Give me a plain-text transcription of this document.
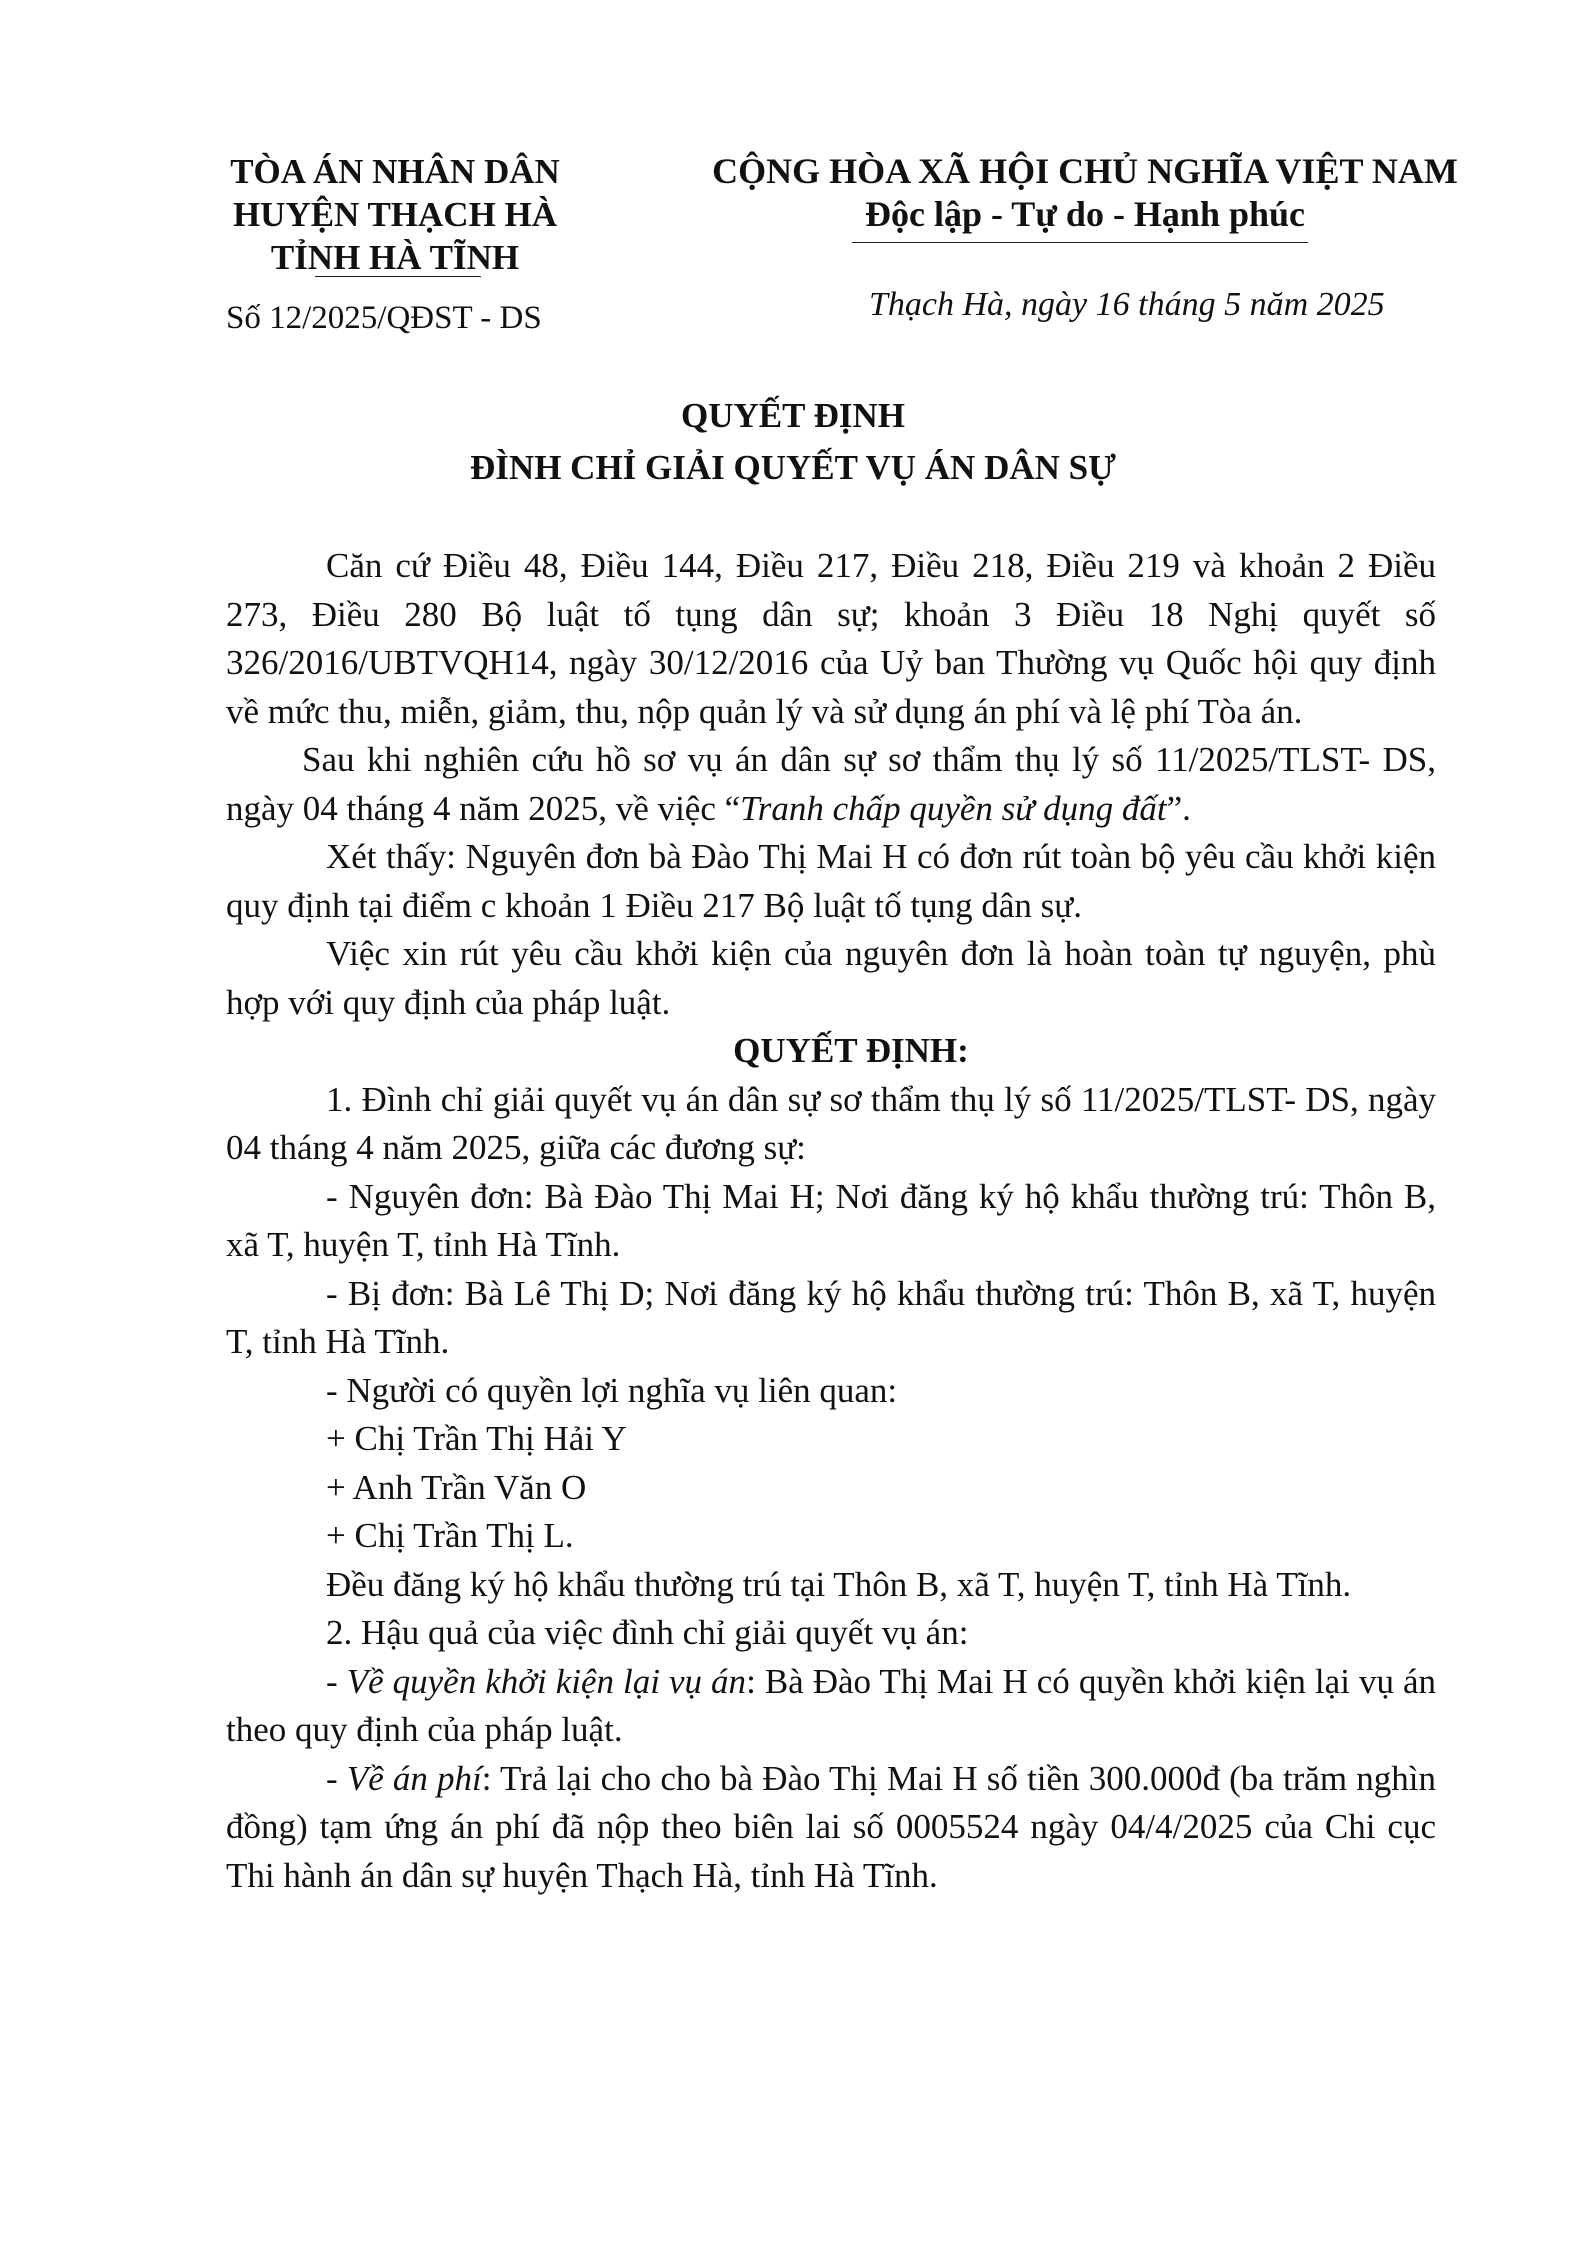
TÒA ÁN NHÂN DÂN
HUYỆN THẠCH HÀ
TỈNH HÀ TĨNH
Số 12/2025/QĐST - DS
CỘNG HÒA XÃ HỘI CHỦ NGHĨA VIỆT NAM
Độc lập - Tự do - Hạnh phúc
Thạch Hà, ngày 16 tháng 5 năm 2025
QUYẾT ĐỊNH
ĐÌNH CHỈ GIẢI QUYẾT VỤ ÁN DÂN SỰ

Căn cứ Điều 48, Điều 144, Điều 217, Điều 218, Điều 219 và khoản 2 Điều 273, Điều 280 Bộ luật tố tụng dân sự; khoản 3 Điều 18 Nghị quyết số 326/2016/UBTVQH14, ngày 30/12/2016 của Uỷ ban Thường vụ Quốc hội quy định về mức thu, miễn, giảm, thu, nộp quản lý và sử dụng án phí và lệ phí Tòa án.

Sau khi nghiên cứu hồ sơ vụ án dân sự sơ thẩm thụ lý số 11/2025/TLST- DS, ngày 04 tháng 4 năm 2025, về việc “Tranh chấp quyền sử dụng đất”.

Xét thấy: Nguyên đơn bà Đào Thị Mai H có đơn rút toàn bộ yêu cầu khởi kiện quy định tại điểm c khoản 1 Điều 217 Bộ luật tố tụng dân sự.

Việc xin rút yêu cầu khởi kiện của nguyên đơn là hoàn toàn tự nguyện, phù hợp với quy định của pháp luật.

QUYẾT ĐỊNH:

1. Đình chỉ giải quyết vụ án dân sự sơ thẩm thụ lý số 11/2025/TLST- DS, ngày 04 tháng 4 năm 2025, giữa các đương sự:

- Nguyên đơn: Bà Đào Thị Mai H; Nơi đăng ký hộ khẩu thường trú: Thôn B, xã T, huyện T, tỉnh Hà Tĩnh.

- Bị đơn: Bà Lê Thị D; Nơi đăng ký hộ khẩu thường trú: Thôn B, xã T, huyện T, tỉnh Hà Tĩnh.

- Người có quyền lợi nghĩa vụ liên quan:

+ Chị Trần Thị Hải Y

+ Anh Trần Văn O

+ Chị Trần Thị L.

Đều đăng ký hộ khẩu thường trú tại Thôn B, xã T, huyện T, tỉnh Hà Tĩnh.

2. Hậu quả của việc đình chỉ giải quyết vụ án:

- Về quyền khởi kiện lại vụ án: Bà Đào Thị Mai H có quyền khởi kiện lại vụ án theo quy định của pháp luật.

- Về án phí: Trả lại cho cho bà Đào Thị Mai H số tiền 300.000đ (ba trăm nghìn đồng) tạm ứng án phí đã nộp theo biên lai số 0005524 ngày 04/4/2025 của Chi cục Thi hành án dân sự huyện Thạch Hà, tỉnh Hà Tĩnh.
